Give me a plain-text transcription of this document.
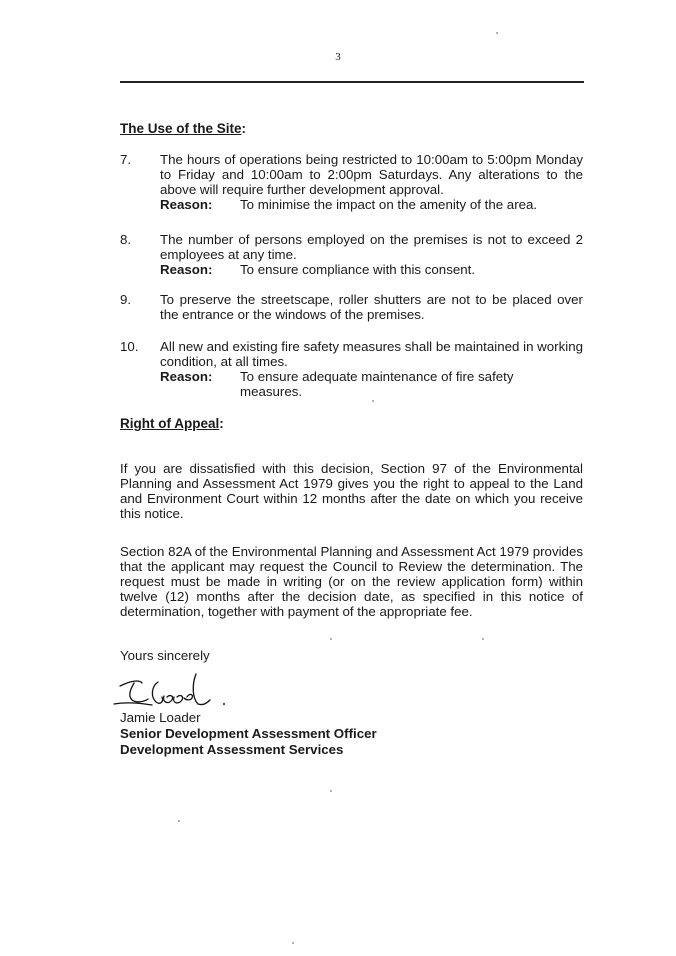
3
The Use of the Site:
7. The hours of operations being restricted to 10:00am to 5:00pm Monday to Friday and 10:00am to 2:00pm Saturdays. Any alterations to the above will require further development approval.
Reason:	To minimise the impact on the amenity of the area.
8. The number of persons employed on the premises is not to exceed 2 employees at any time.
Reason:	To ensure compliance with this consent.
9. To preserve the streetscape, roller shutters are not to be placed over the entrance or the windows of the premises.
10. All new and existing fire safety measures shall be maintained in working condition, at all times.
Reason:	To ensure adequate maintenance of fire safety measures.
Right of Appeal:
If you are dissatisfied with this decision, Section 97 of the Environmental Planning and Assessment Act 1979 gives you the right to appeal to the Land and Environment Court within 12 months after the date on which you receive this notice.
Section 82A of the Environmental Planning and Assessment Act 1979 provides that the applicant may request the Council to Review the determination. The request must be made in writing (or on the review application form) within twelve (12) months after the decision date, as specified in this notice of determination, together with payment of the appropriate fee.
Yours sincerely
Jamie Loader
Senior Development Assessment Officer
Development Assessment Services
